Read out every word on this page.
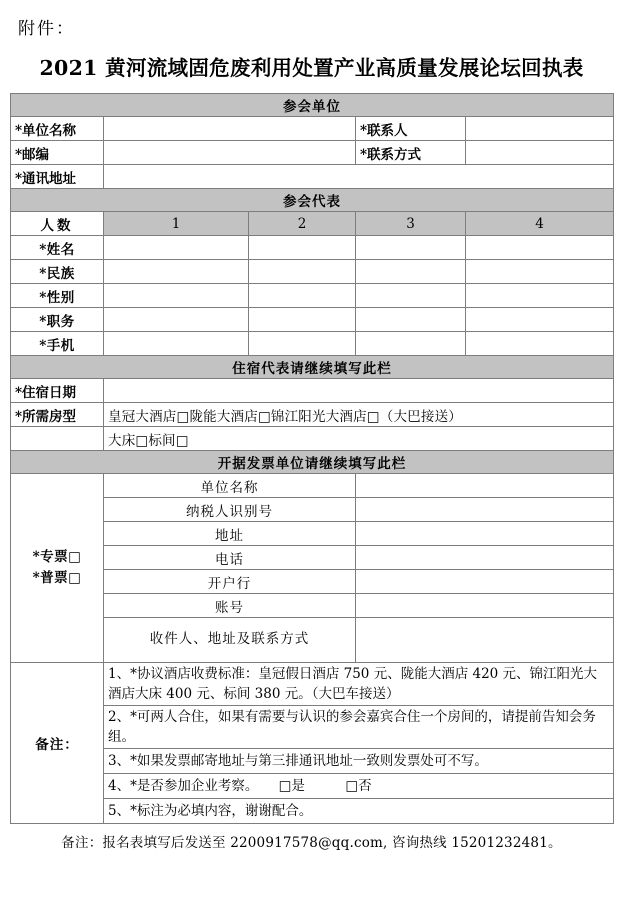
附件：
2021 黄河流域固危废利用处置产业高质量发展论坛回执表
参会单位				
*单位名称			*联系人	
*邮编			*联系方式	
*通讯地址				
参会代表				
人数	1	2	3	4
*姓名				
*民族				
*性别				
*职务				
*手机				
住宿代表请继续填写此栏				
*住宿日期				
*所需房型	皇冠大酒店□陇能大酒店□锦江阳光大酒店□（大巴接送）			
	大床□标间□			
开据发票单位请继续填写此栏				

*专票□
*普票□	单位名称			
	纳税人识别号			
	地址			
	电话			
	开户行			
	账号			
	收件人、地址及联系方式			
备注：	1、*协议酒店收费标准：皇冠假日酒店 750 元、陇能大酒店 420 元、锦江阳光大酒店大床 400 元、标间 380 元。（大巴车接送）			
	2、*可两人合住，如果有需要与认识的参会嘉宾合住一个房间的，请提前告知会务组。			
	3、*如果发票邮寄地址与第三排通讯地址一致则发票处可不写。			
	4、*是否参加企业考察。　　□是　　　□否			
	5、*标注为必填内容，谢谢配合。			
备注：报名表填写后发送至 2200917578@qq.com, 咨询热线 15201232481。
